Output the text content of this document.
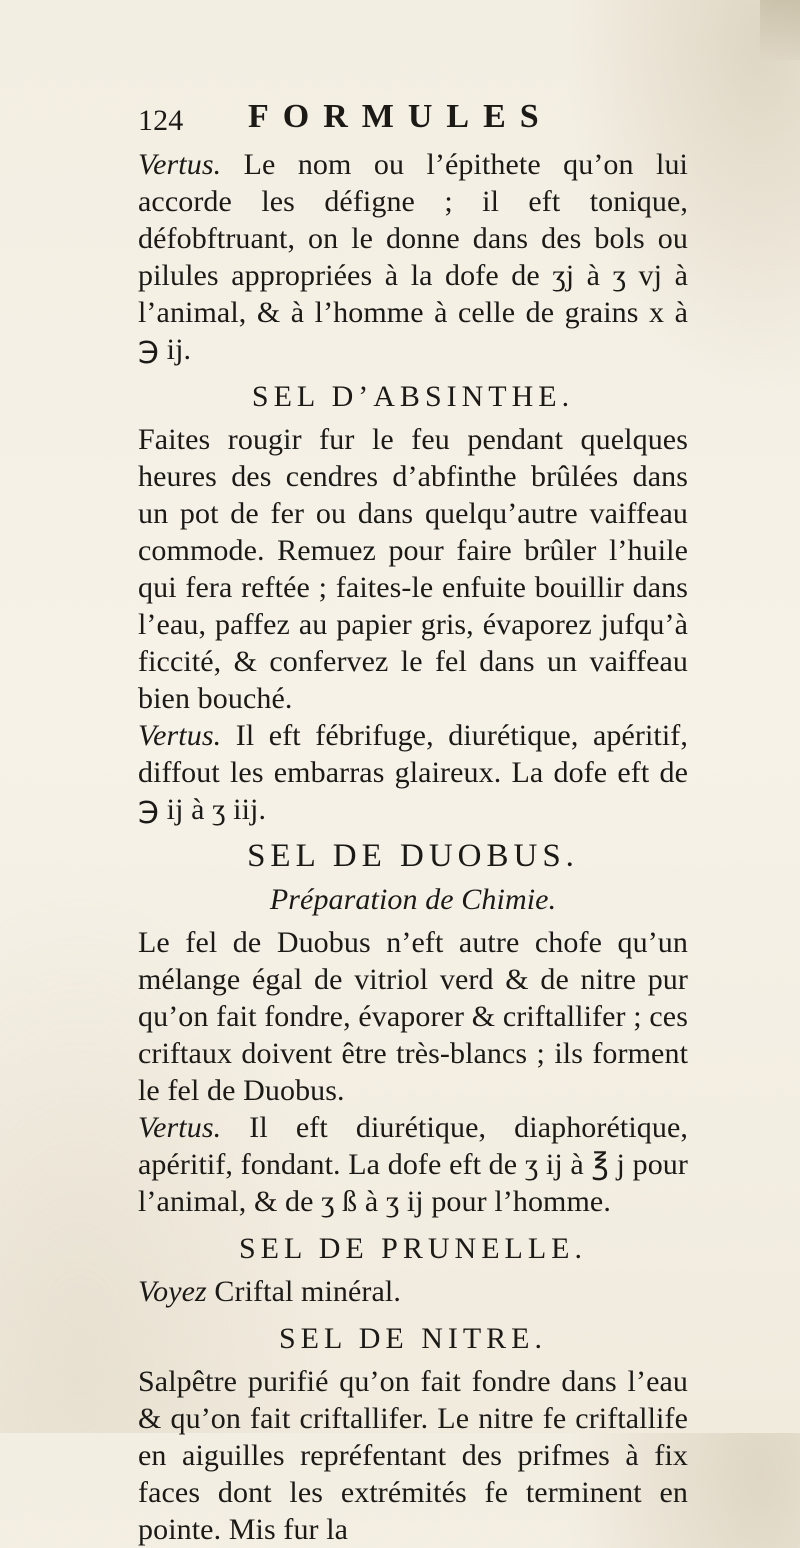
124 FORMULES

Vertus. Le nom ou l’épithete qu’on lui accorde les défigne ; il eft tonique, défobftruant, on le donne dans des bols ou pilules appropriées à la dofe de ʒj à ʒ vj à l’animal, & à l’homme à celle de grains x à ℈ ij.

SEL D’ABSINTHE.

Faites rougir fur le feu pendant quelques heures des cendres d’abfinthe brûlées dans un pot de fer ou dans quelqu’autre vaiffeau commode. Remuez pour faire brûler l’huile qui fera reftée ; faites-le enfuite bouillir dans l’eau, paffez au papier gris, évaporez jufqu’à ficcité, & confervez le fel dans un vaiffeau bien bouché.

Vertus. Il eft fébrifuge, diurétique, apéritif, diffout les embarras glaireux. La dofe eft de ℈ ij à ʒ iij.

SEL DE DUOBUS.
Préparation de Chimie.

Le fel de Duobus n’eft autre chofe qu’un mélange égal de vitriol verd & de nitre pur qu’on fait fondre, évaporer & criftallifer ; ces criftaux doivent être très-blancs ; ils forment le fel de Duobus.

Vertus. Il eft diurétique, diaphorétique, apéritif, fondant. La dofe eft de ʒ ij à ℥ j pour l’animal, & de ʒ ß à ʒ ij pour l’homme.

SEL DE PRUNELLE.

Voyez Criftal minéral.

SEL DE NITRE.

Salpêtre purifié qu’on fait fondre dans l’eau & qu’on fait criftallifer. Le nitre fe criftallife en aiguilles repréfentant des prifmes à fix faces dont les extrémités fe terminent en pointe. Mis fur la
